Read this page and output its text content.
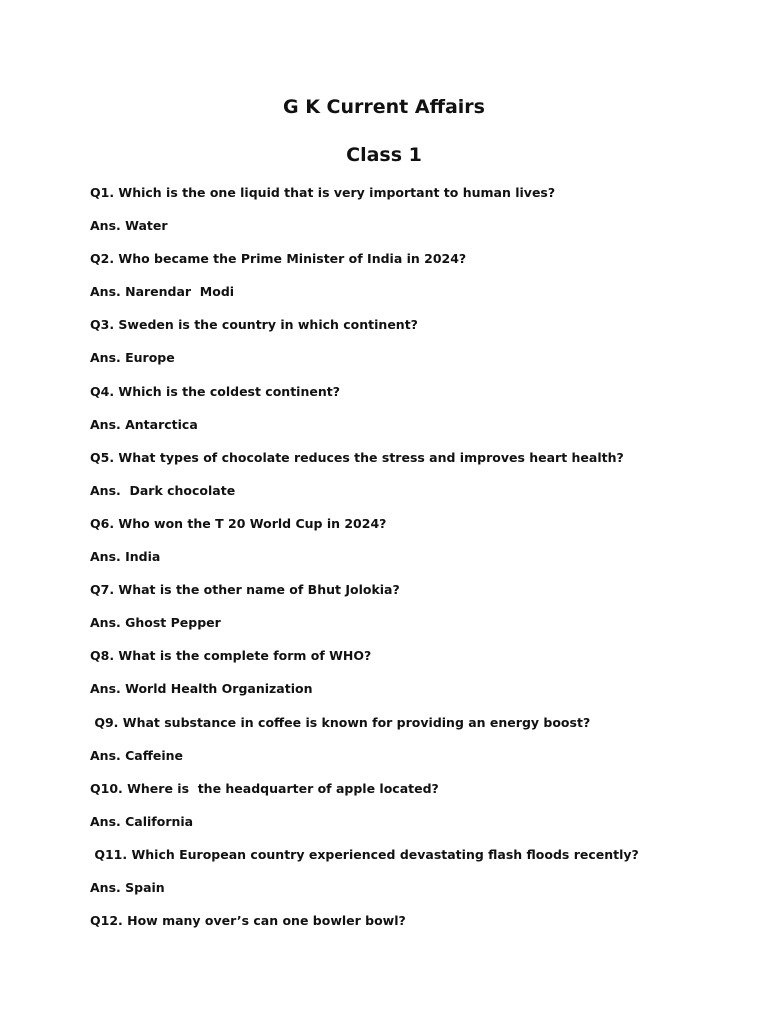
G K Current Affairs
Class 1
Q1. Which is the one liquid that is very important to human lives?
Ans. Water
Q2. Who became the Prime Minister of India in 2024?
Ans. Narendar  Modi
Q3. Sweden is the country in which continent?
Ans. Europe
Q4. Which is the coldest continent?
Ans. Antarctica
Q5. What types of chocolate reduces the stress and improves heart health?
Ans.  Dark chocolate
Q6. Who won the T 20 World Cup in 2024?
Ans. India
Q7. What is the other name of Bhut Jolokia?
Ans. Ghost Pepper
Q8. What is the complete form of WHO?
Ans. World Health Organization
Q9. What substance in coffee is known for providing an energy boost?
Ans. Caffeine
Q10. Where is  the headquarter of apple located?
Ans. California
Q11. Which European country experienced devastating flash floods recently?
Ans. Spain
Q12. How many over’s can one bowler bowl?
